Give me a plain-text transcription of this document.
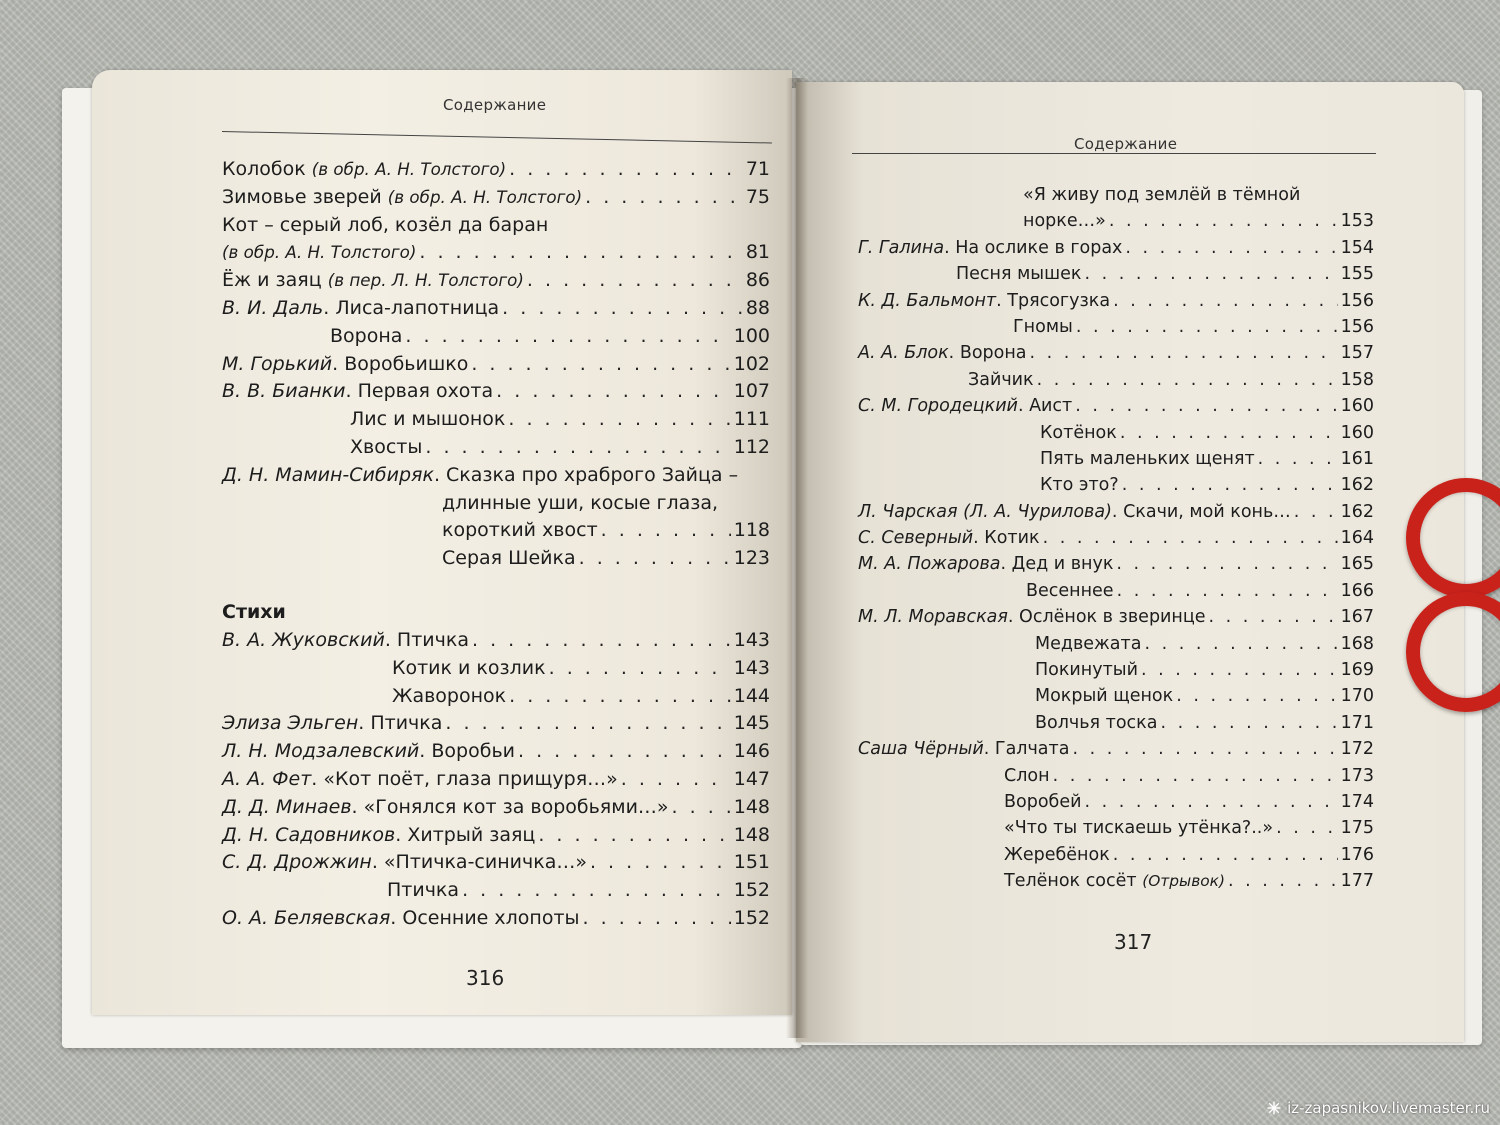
Содержание
Колобок (в обр. А. Н. Толстого) . . .	71
Зимовье зверей (в обр. А. Н. Толстого) . . .	75
Кот – серый лоб, козёл да баран
(в обр. А. Н. Толстого) . . .	81
Ёж и заяц (в пер. Л. Н. Толстого) . . .	86
В. И. Даль. Лиса-лапотница . . .	88
Ворона . . .	100
М. Горький. Воробьишко . . .	102
В. В. Бианки. Первая охота . . .	107
Лис и мышонок . . .	111
Хвосты . . .	112
Д. Н. Мамин-Сибиряк. Сказка про храброго Зайца –
длинные уши, косые глаза,
короткий хвост . . .	118
Серая Шейка . . .	123
Стихи
В. А. Жуковский. Птичка . . .	143
Котик и козлик . . .	143
Жаворонок . . .	144
Элиза Эльген. Птичка . . .	145
Л. Н. Модзалевский. Воробьи . . .	146
А. А. Фет. «Кот поёт, глаза прищуря…» . . .	147
Д. Д. Минаев. «Гонялся кот за воробьями…» . . .	148
Д. Н. Садовников. Хитрый заяц . . .	148
С. Д. Дрожжин. «Птичка-синичка…» . . .	151
Птичка . . .	152
О. А. Беляевская. Осенние хлопоты . . .	152
316
Содержание
«Я живу под землёй в тёмной
норке…» . . .	153
Г. Галина. На ослике в горах . . .	154
Песня мышек . . .	155
К. Д. Бальмонт. Трясогузка . . .	156
Гномы . . .	156
А. А. Блок. Ворона . . .	157
Зайчик . . .	158
С. М. Городецкий. Аист . . .	160
Котёнок . . .	160
Пять маленьких щенят . . .	161
Кто это? . . .	162
Л. Чарская (Л. А. Чурилова). Скачи, мой конь… . . .	162
С. Северный. Котик . . .	164
М. А. Пожарова. Дед и внук . . .	165
Весеннее . . .	166
М. Л. Моравская. Ослёнок в зверинце . . .	167
Медвежата . . .	168
Покинутый . . .	169
Мокрый щенок . . .	170
Волчья тоска . . .	171
Саша Чёрный. Галчата . . .	172
Слон . . .	173
Воробей . . .	174
«Что ты тискаешь утёнка?..» . . .	175
Жеребёнок . . .	176
Телёнок сосёт (Отрывок) . . .	177
317
iz-zapasnikov.livemaster.ru
